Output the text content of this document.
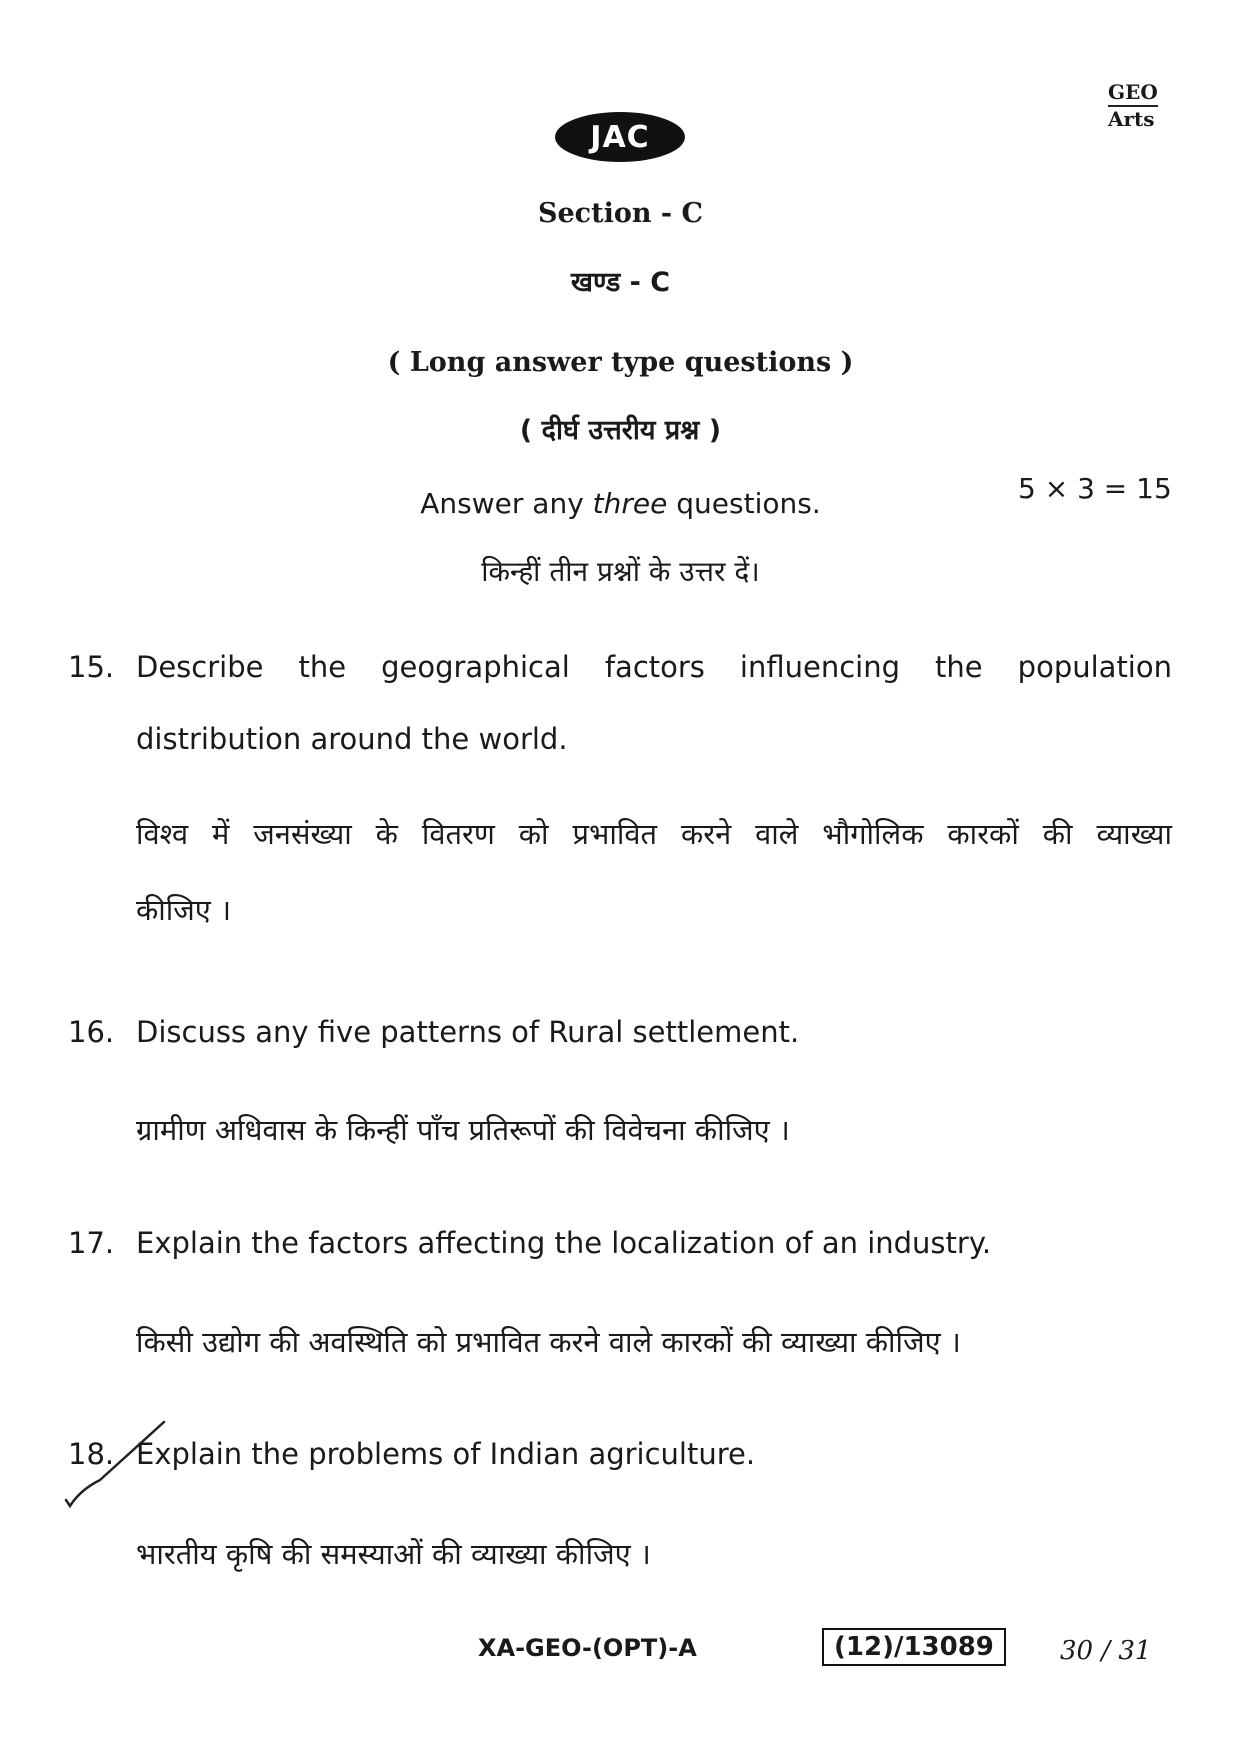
JAC
GEO
Arts
Section - C
खण्ड - C
( Long answer type questions )
( दीर्घ उत्तरीय प्रश्न )
Answer any three questions.	5 × 3 = 15
किन्हीं तीन प्रश्नों के उत्तर दें।
15. Describe the geographical factors influencing the population
distribution around the world.
विश्व में जनसंख्या के वितरण को प्रभावित करने वाले भौगोलिक कारकों की व्याख्या
कीजिए ।
16. Discuss any five patterns of Rural settlement.
ग्रामीण अधिवास के किन्हीं पाँच प्रतिरूपों की विवेचना कीजिए ।
17. Explain the factors affecting the localization of an industry.
किसी उद्योग की अवस्थिति को प्रभावित करने वाले कारकों की व्याख्या कीजिए ।
18. Explain the problems of Indian agriculture.
भारतीय कृषि की समस्याओं की व्याख्या कीजिए ।
XA-GEO-(OPT)-A	(12)/13089	30 / 31
